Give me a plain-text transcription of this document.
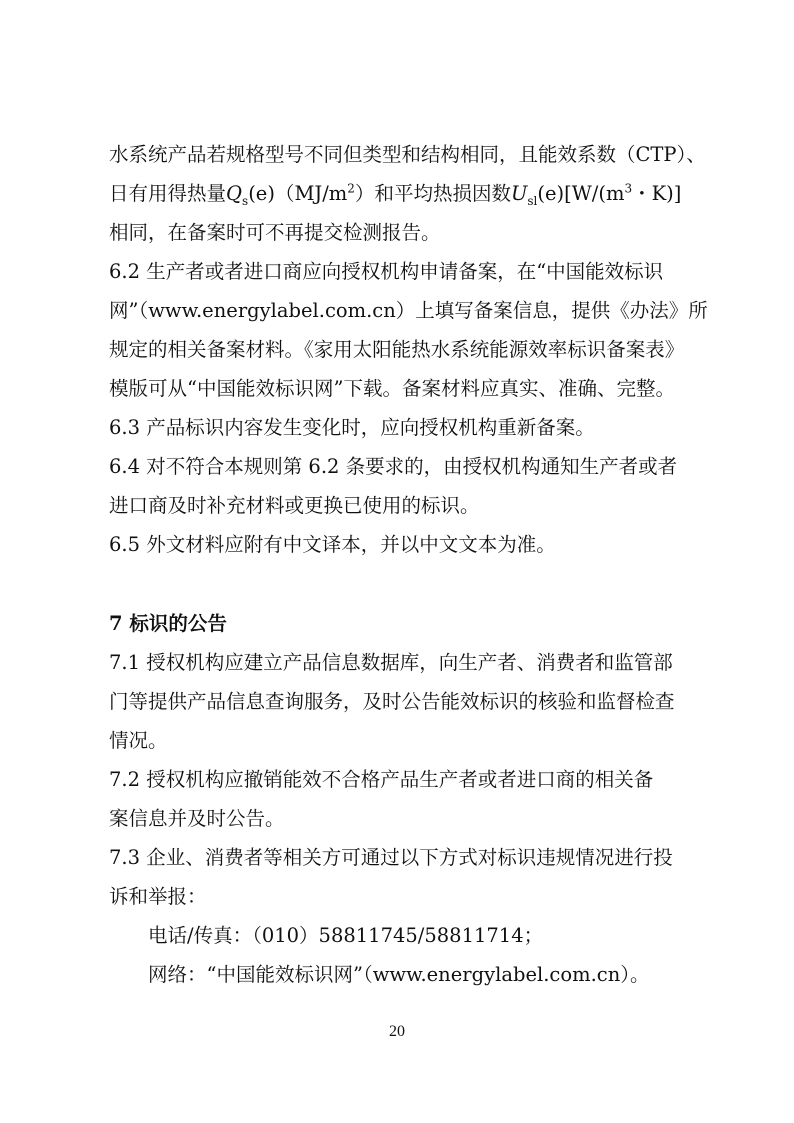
水系统产品若规格型号不同但类型和结构相同，且能效系数（CTP）、
日有用得热量$Q_s(e)(MJ/m^2)$和平均热损因数$U_{sl}(e)[W/(m^3$・K)]
相同，在备案时可不再提交检测报告。
6.2 生产者或者进口商应向授权机构申请备案，在“中国能效标识
网”（www.energylabel.com.cn）上填写备案信息，提供《办法》所
规定的相关备案材料。《家用太阳能热水系统能源效率标识备案表》
模版可从“中国能效标识网”下载。备案材料应真实、准确、完整。
6.3 产品标识内容发生变化时，应向授权机构重新备案。
6.4 对不符合本规则第 6.2 条要求的，由授权机构通知生产者或者
进口商及时补充材料或更换已使用的标识。
6.5 外文材料应附有中文译本，并以中文文本为准。
7 标识的公告
7.1 授权机构应建立产品信息数据库，向生产者、消费者和监管部
门等提供产品信息查询服务，及时公告能效标识的核验和监督检查
情况。
7.2 授权机构应撤销能效不合格产品生产者或者进口商的相关备
案信息并及时公告。
7.3 企业、消费者等相关方可通过以下方式对标识违规情况进行投
诉和举报：
电话/传真：（010）58811745/58811714；
网络：“中国能效标识网”（www.energylabel.com.cn）。
20
